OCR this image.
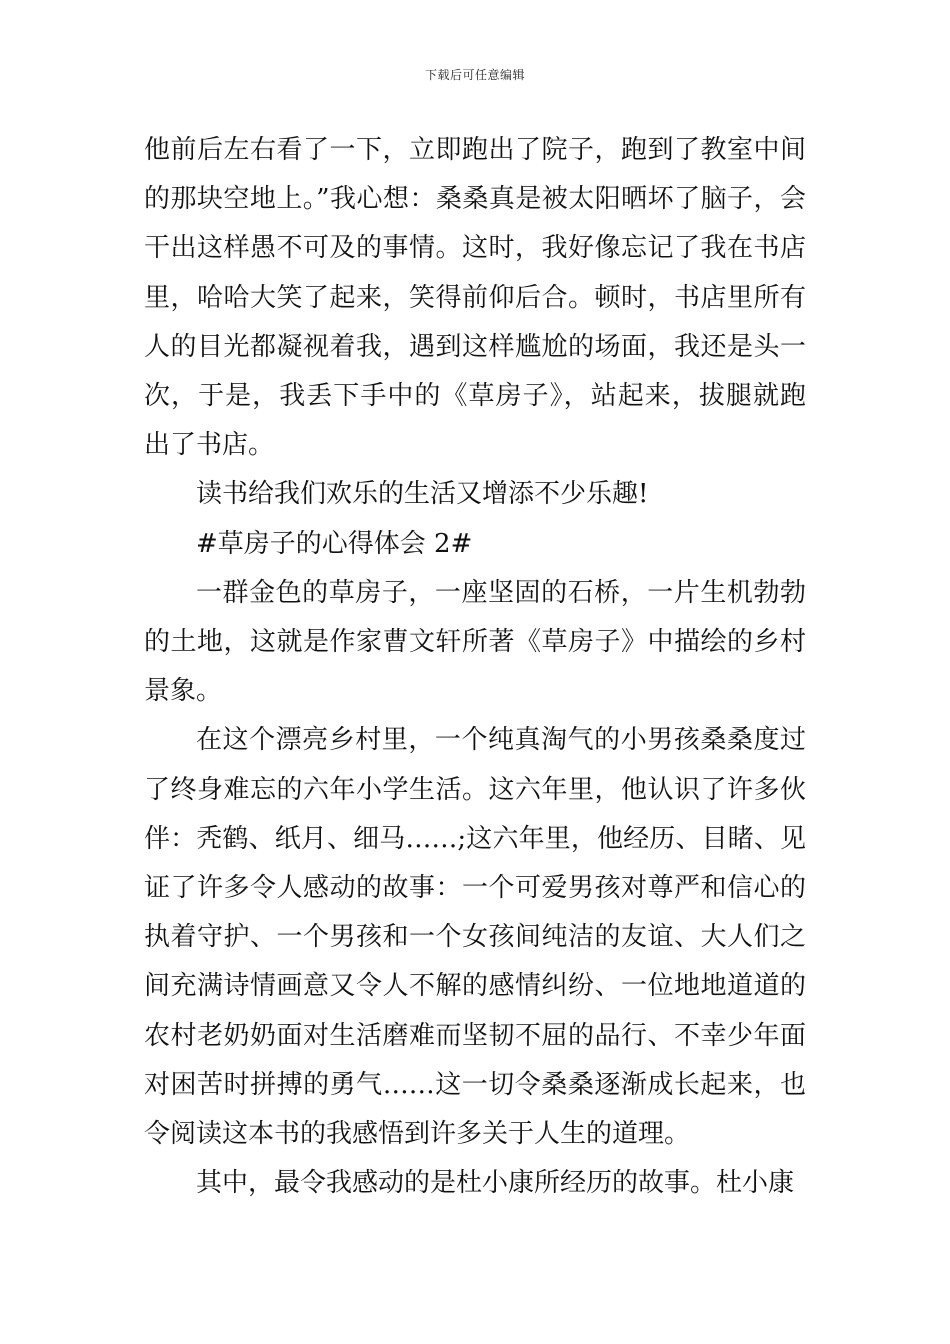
下载后可任意编辑

他前后左右看了一下，立即跑出了院子，跑到了教室中间的那块空地上。”我心想：桑桑真是被太阳晒坏了脑子，会干出这样愚不可及的事情。这时，我好像忘记了我在书店里，哈哈大笑了起来，笑得前仰后合。顿时，书店里所有人的目光都凝视着我，遇到这样尴尬的场面，我还是头一次，于是，我丢下手中的《草房子》，站起来，拔腿就跑出了书店。

读书给我们欢乐的生活又增添不少乐趣!

#草房子的心得体会 2#

一群金色的草房子，一座坚固的石桥，一片生机勃勃的土地，这就是作家曹文轩所著《草房子》中描绘的乡村景象。

在这个漂亮乡村里，一个纯真淘气的小男孩桑桑度过了终身难忘的六年小学生活。这六年里，他认识了许多伙伴：秃鹤、纸月、细马……;这六年里，他经历、目睹、见证了许多令人感动的故事：一个可爱男孩对尊严和信心的执着守护、一个男孩和一个女孩间纯洁的友谊、大人们之间充满诗情画意又令人不解的感情纠纷、一位地地道道的农村老奶奶面对生活磨难而坚韧不屈的品行、不幸少年面对困苦时拼搏的勇气……这一切令桑桑逐渐成长起来，也令阅读这本书的我感悟到许多关于人生的道理。

其中，最令我感动的是杜小康所经历的故事。杜小康
